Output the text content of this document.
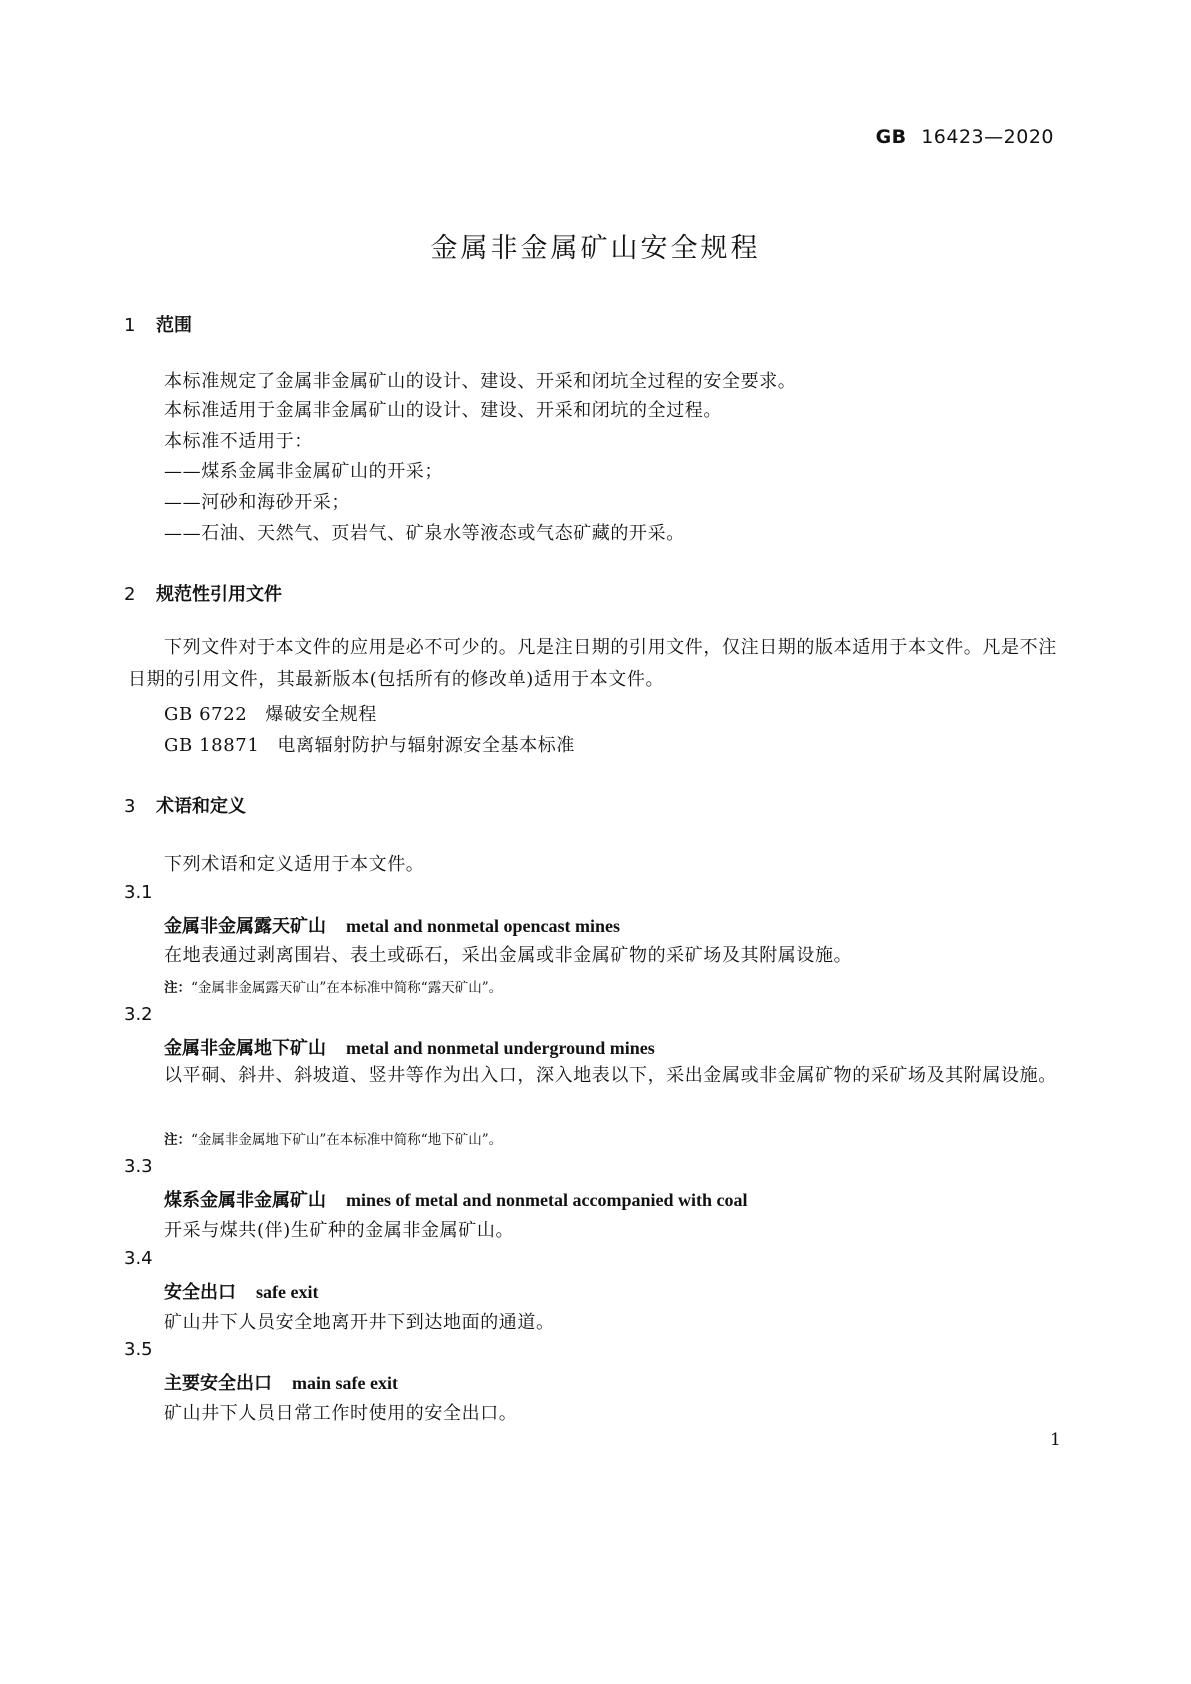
GB 16423—2020
金属非金属矿山安全规程
1 范围
本标准规定了金属非金属矿山的设计、建设、开采和闭坑全过程的安全要求。
本标准适用于金属非金属矿山的设计、建设、开采和闭坑的全过程。
本标准不适用于：
——煤系金属非金属矿山的开采；
——河砂和海砂开采；
——石油、天然气、页岩气、矿泉水等液态或气态矿藏的开采。
2 规范性引用文件
下列文件对于本文件的应用是必不可少的。凡是注日期的引用文件，仅注日期的版本适用于本文件。凡是不注日期的引用文件，其最新版本(包括所有的修改单)适用于本文件。
GB 6722 爆破安全规程
GB 18871 电离辐射防护与辐射源安全基本标准
3 术语和定义
下列术语和定义适用于本文件。
3.1
金属非金属露天矿山 metal and nonmetal opencast mines
在地表通过剥离围岩、表土或砾石，采出金属或非金属矿物的采矿场及其附属设施。
注：“金属非金属露天矿山”在本标准中简称“露天矿山”。
3.2
金属非金属地下矿山 metal and nonmetal underground mines
以平硐、斜井、斜坡道、竖井等作为出入口，深入地表以下，采出金属或非金属矿物的采矿场及其附属设施。
注：“金属非金属地下矿山”在本标准中简称“地下矿山”。
3.3
煤系金属非金属矿山 mines of metal and nonmetal accompanied with coal
开采与煤共(伴)生矿种的金属非金属矿山。
3.4
安全出口 safe exit
矿山井下人员安全地离开井下到达地面的通道。
3.5
主要安全出口 main safe exit
矿山井下人员日常工作时使用的安全出口。
1
